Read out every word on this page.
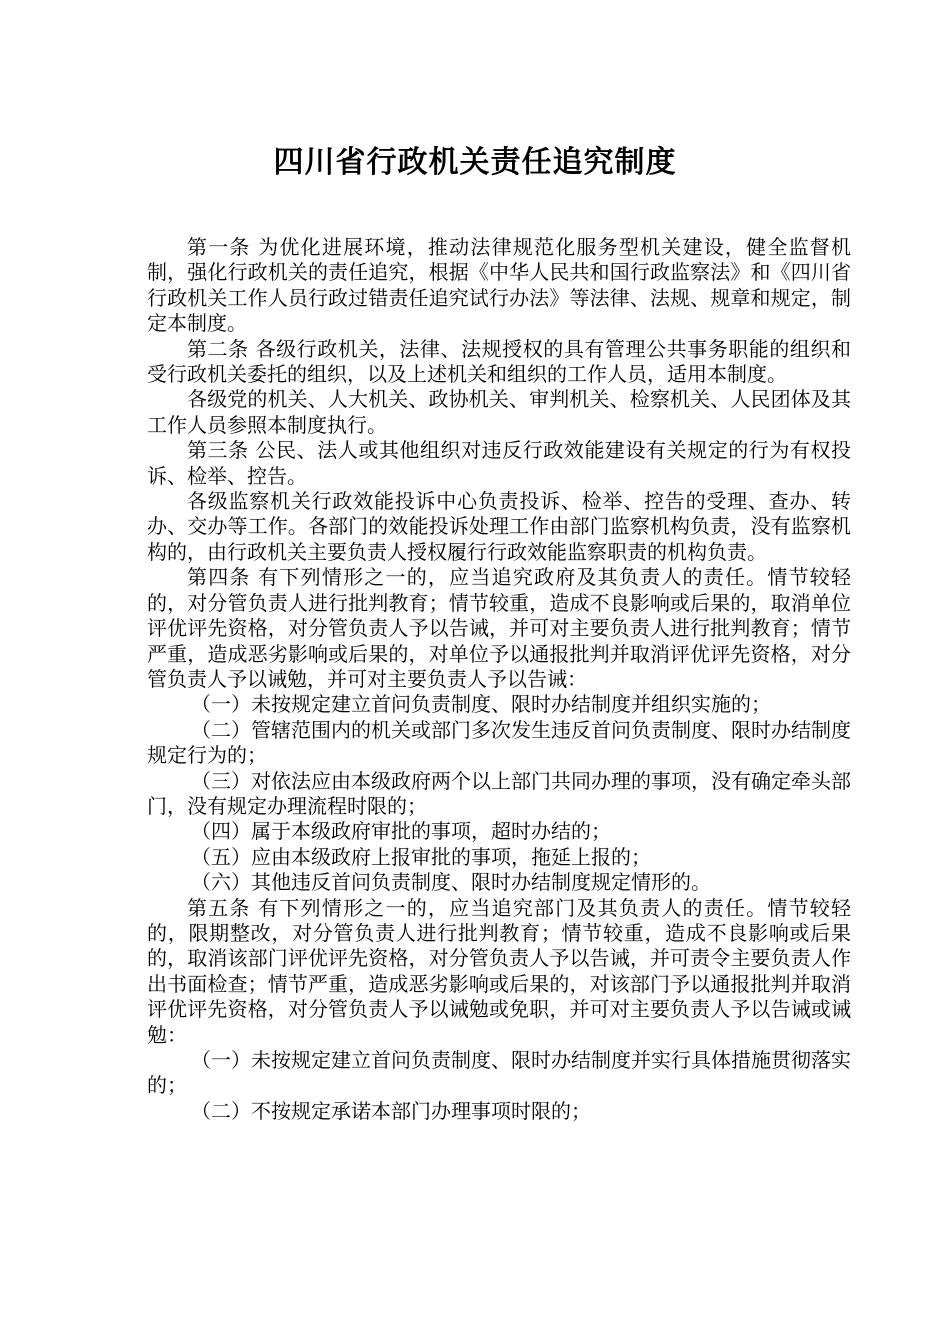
四川省行政机关责任追究制度

第一条 为优化进展环境，推动法律规范化服务型机关建设，健全监督机制，强化行政机关的责任追究，根据《中华人民共和国行政监察法》和《四川省行政机关工作人员行政过错责任追究试行办法》等法律、法规、规章和规定，制定本制度。

第二条 各级行政机关，法律、法规授权的具有管理公共事务职能的组织和受行政机关委托的组织，以及上述机关和组织的工作人员，适用本制度。

各级党的机关、人大机关、政协机关、审判机关、检察机关、人民团体及其工作人员参照本制度执行。

第三条 公民、法人或其他组织对违反行政效能建设有关规定的行为有权投诉、检举、控告。

各级监察机关行政效能投诉中心负责投诉、检举、控告的受理、查办、转办、交办等工作。各部门的效能投诉处理工作由部门监察机构负责，没有监察机构的，由行政机关主要负责人授权履行行政效能监察职责的机构负责。

第四条 有下列情形之一的，应当追究政府及其负责人的责任。情节较轻的，对分管负责人进行批判教育；情节较重，造成不良影响或后果的，取消单位评优评先资格，对分管负责人予以告诫，并可对主要负责人进行批判教育；情节严重，造成恶劣影响或后果的，对单位予以通报批判并取消评优评先资格，对分管负责人予以诫勉，并可对主要负责人予以告诫：

（一）未按规定建立首问负责制度、限时办结制度并组织实施的；

（二）管辖范围内的机关或部门多次发生违反首问负责制度、限时办结制度规定行为的；

（三）对依法应由本级政府两个以上部门共同办理的事项，没有确定牵头部门，没有规定办理流程时限的；

（四）属于本级政府审批的事项，超时办结的；

（五）应由本级政府上报审批的事项，拖延上报的；

（六）其他违反首问负责制度、限时办结制度规定情形的。

第五条 有下列情形之一的，应当追究部门及其负责人的责任。情节较轻的，限期整改，对分管负责人进行批判教育；情节较重，造成不良影响或后果的，取消该部门评优评先资格，对分管负责人予以告诫，并可责令主要负责人作出书面检查；情节严重，造成恶劣影响或后果的，对该部门予以通报批判并取消评优评先资格，对分管负责人予以诫勉或免职，并可对主要负责人予以告诫或诫勉：

（一）未按规定建立首问负责制度、限时办结制度并实行具体措施贯彻落实的；

（二）不按规定承诺本部门办理事项时限的；
